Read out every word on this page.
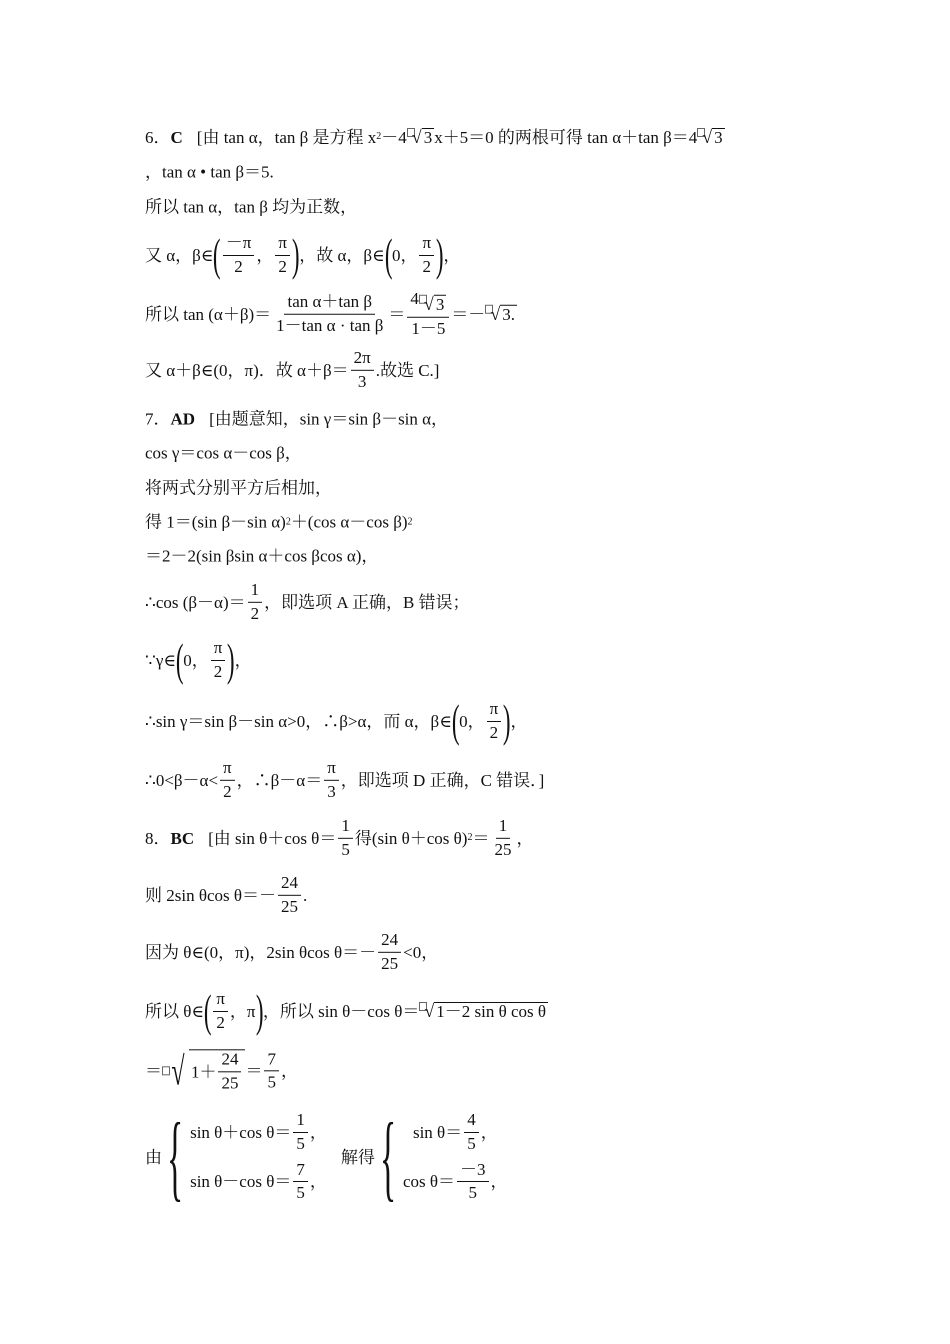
6． C [由 tan α，tan β 是方程 x 2 －4 √ 3 x＋5＝0 的两根可得 tan α＋tan β＝4 √ 3
，tan α • tan β＝5.
所以 tan α，tan β 均为正数，
又 α，β∈ ( $\frac{-\pi}{2}$ ， $\frac{\pi}{2}$ ) ，故 α，β∈ ( 0， $\frac{\pi}{2}$ ) ，
所以 $\tan (\alpha+\beta)= \frac{\text{tan α＋tan β}}{\text{1－tan α · tan β}} = \frac{4 √ 3}{1-5}$ ＝－ √ 3.
又 α＋β∈(0，π)．故 $\alpha+\beta= \frac{2\pi}{3}$ .故选 C.]
7． AD [由题意知，sin γ＝sin β－sin α，
cos γ＝cos α－cos β，
将两式分别平方后相加，
得 1＝(sin β－sin α) 2 ＋(cos α－cos β) 2
＝2－2(sin βsin α＋cos βcos α)，
∴cos $(\beta-\alpha)= \frac{1}{2}$ ，即选项 A 正确，B 错误；
∵γ∈ ( 0， $\frac{\pi}{2}$ ) ，
∴sin γ＝sin β－sin α>0，∴β>α，而 α，β∈ ( 0， $\frac{\pi}{2}$ ) ，
∴0<β－α< $\frac{\pi}{2}$ ，∴β－α＝ $\frac{\pi}{3}$ ，即选项 D 正确，C 错误．]
8． BC [由 sin θ＋cos $\theta= \frac{1}{5}$ 得(sin θ＋cos θ) $2 = \frac{1}{25}$ ，
则 2sin θcos $\theta=- \frac{24}{25}$ .
因为 θ∈(0，π)，2sin θcos $\theta=- \frac{24}{25} <0$，
所以 θ∈ ( $\frac{\pi}{2}$ ，π ) ，所以 sin θ－cos θ＝ √ 1－2 sin θ cos θ
＝ √ $1+ \frac{24}{25} = \frac{7}{5}$ ，
由 { sin θ＋cos $\theta= \frac{1}{5}$ ，
sin θ－cos $\theta= \frac{7}{5}$ ，
解得 { $\sin \theta= \frac{4}{5}$ ，
$\cos \theta= \frac{-3}{5}$ ，
